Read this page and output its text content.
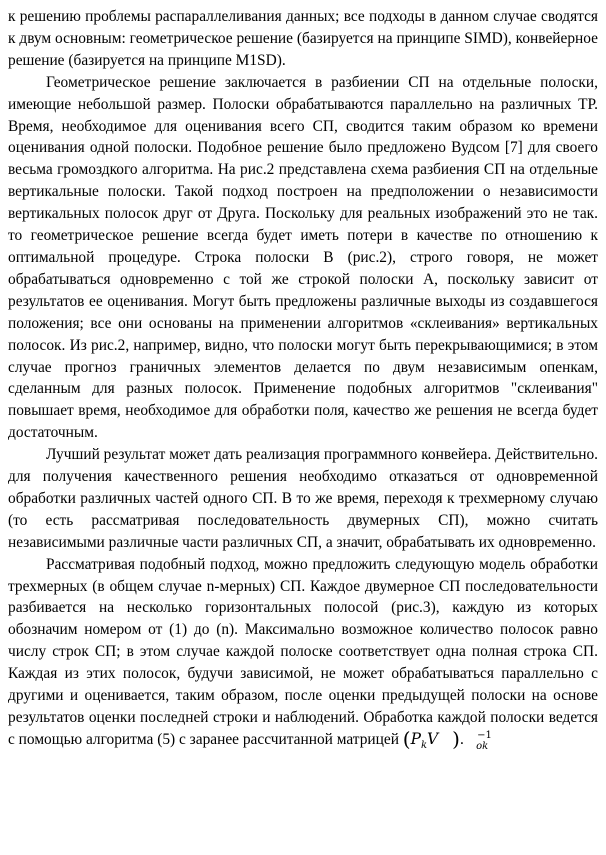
к решению проблемы распараллеливания данных; все подходы в данном случае сводятся к двум основным: геометрическое решение (базируется на принципе SIMD), конвейерное решение (базируется на принципе M1SD).

Геометрическое решение заключается в разбиении СП на отдельные полоски, имеющие небольшой размер. Полоски обрабатываются параллельно на различных ТР. Время, необходимое для оценивания всего СП, сводится таким образом ко времени оценивания одной полоски. Подобное решение было предложено Вудсом [7] для своего весьма громоздкого алгоритма. На рис.2 представлена схема разбиения СП на отдельные вертикальные полоски. Такой подход построен на предположении о независимости вертикальных полосок друг от Друга. Поскольку для реальных изображений это не так. то геометрическое решение всегда будет иметь потери в качестве по отношению к оптимальной процедуре. Строка полоски В (рис.2), строго говоря, не может обрабатываться одновременно с той же строкой полоски А, поскольку зависит от результатов ее оценивания. Могут быть предложены различные выходы из создавшегося положения; все они основаны на применении алгоритмов «склеивания» вертикальных полосок. Из рис.2, например, видно, что полоски могут быть перекрывающимися; в этом случае прогноз граничных элементов делается по двум независимым опенкам, сделанным для разных полосок. Применение подобных алгоритмов "склеивания" повышает время, необходимое для обработки поля, качество же решения не всегда будет достаточным.

Лучший результат может дать реализация программного конвейера. Действительно. для получения качественного решения необходимо отказаться от одновременной обработки различных частей одного СП. В то же время, переходя к трехмерному случаю (то есть рассматривая последовательность двумерных СП), можно считать независимыми различные части различных СП, а значит, обрабатывать их одновременно.

Рассматривая подобный подход, можно предложить следующую модель обработки трехмерных (в общем случае n-мерных) СП. Каждое двумерное СП последовательности разбивается на несколько горизонтальных полосой (рис.3), каждую из которых обозначим номером от (1) до (n). Максимально возможное количество полосок равно числу строк СП; в этом случае каждой полоске соответствует одна полная строка СП. Каждая из этих полосок, будучи зависимой, не может обрабатываться параллельно с другими и оценивается, таким образом, после оценки предыдущей полоски на основе результатов оценки последней строки и наблюдений. Обработка каждой полоски ведется с помощью алгоритма (5) с заранее рассчитанной матрицей ($P_kV$	−1
ok
).
